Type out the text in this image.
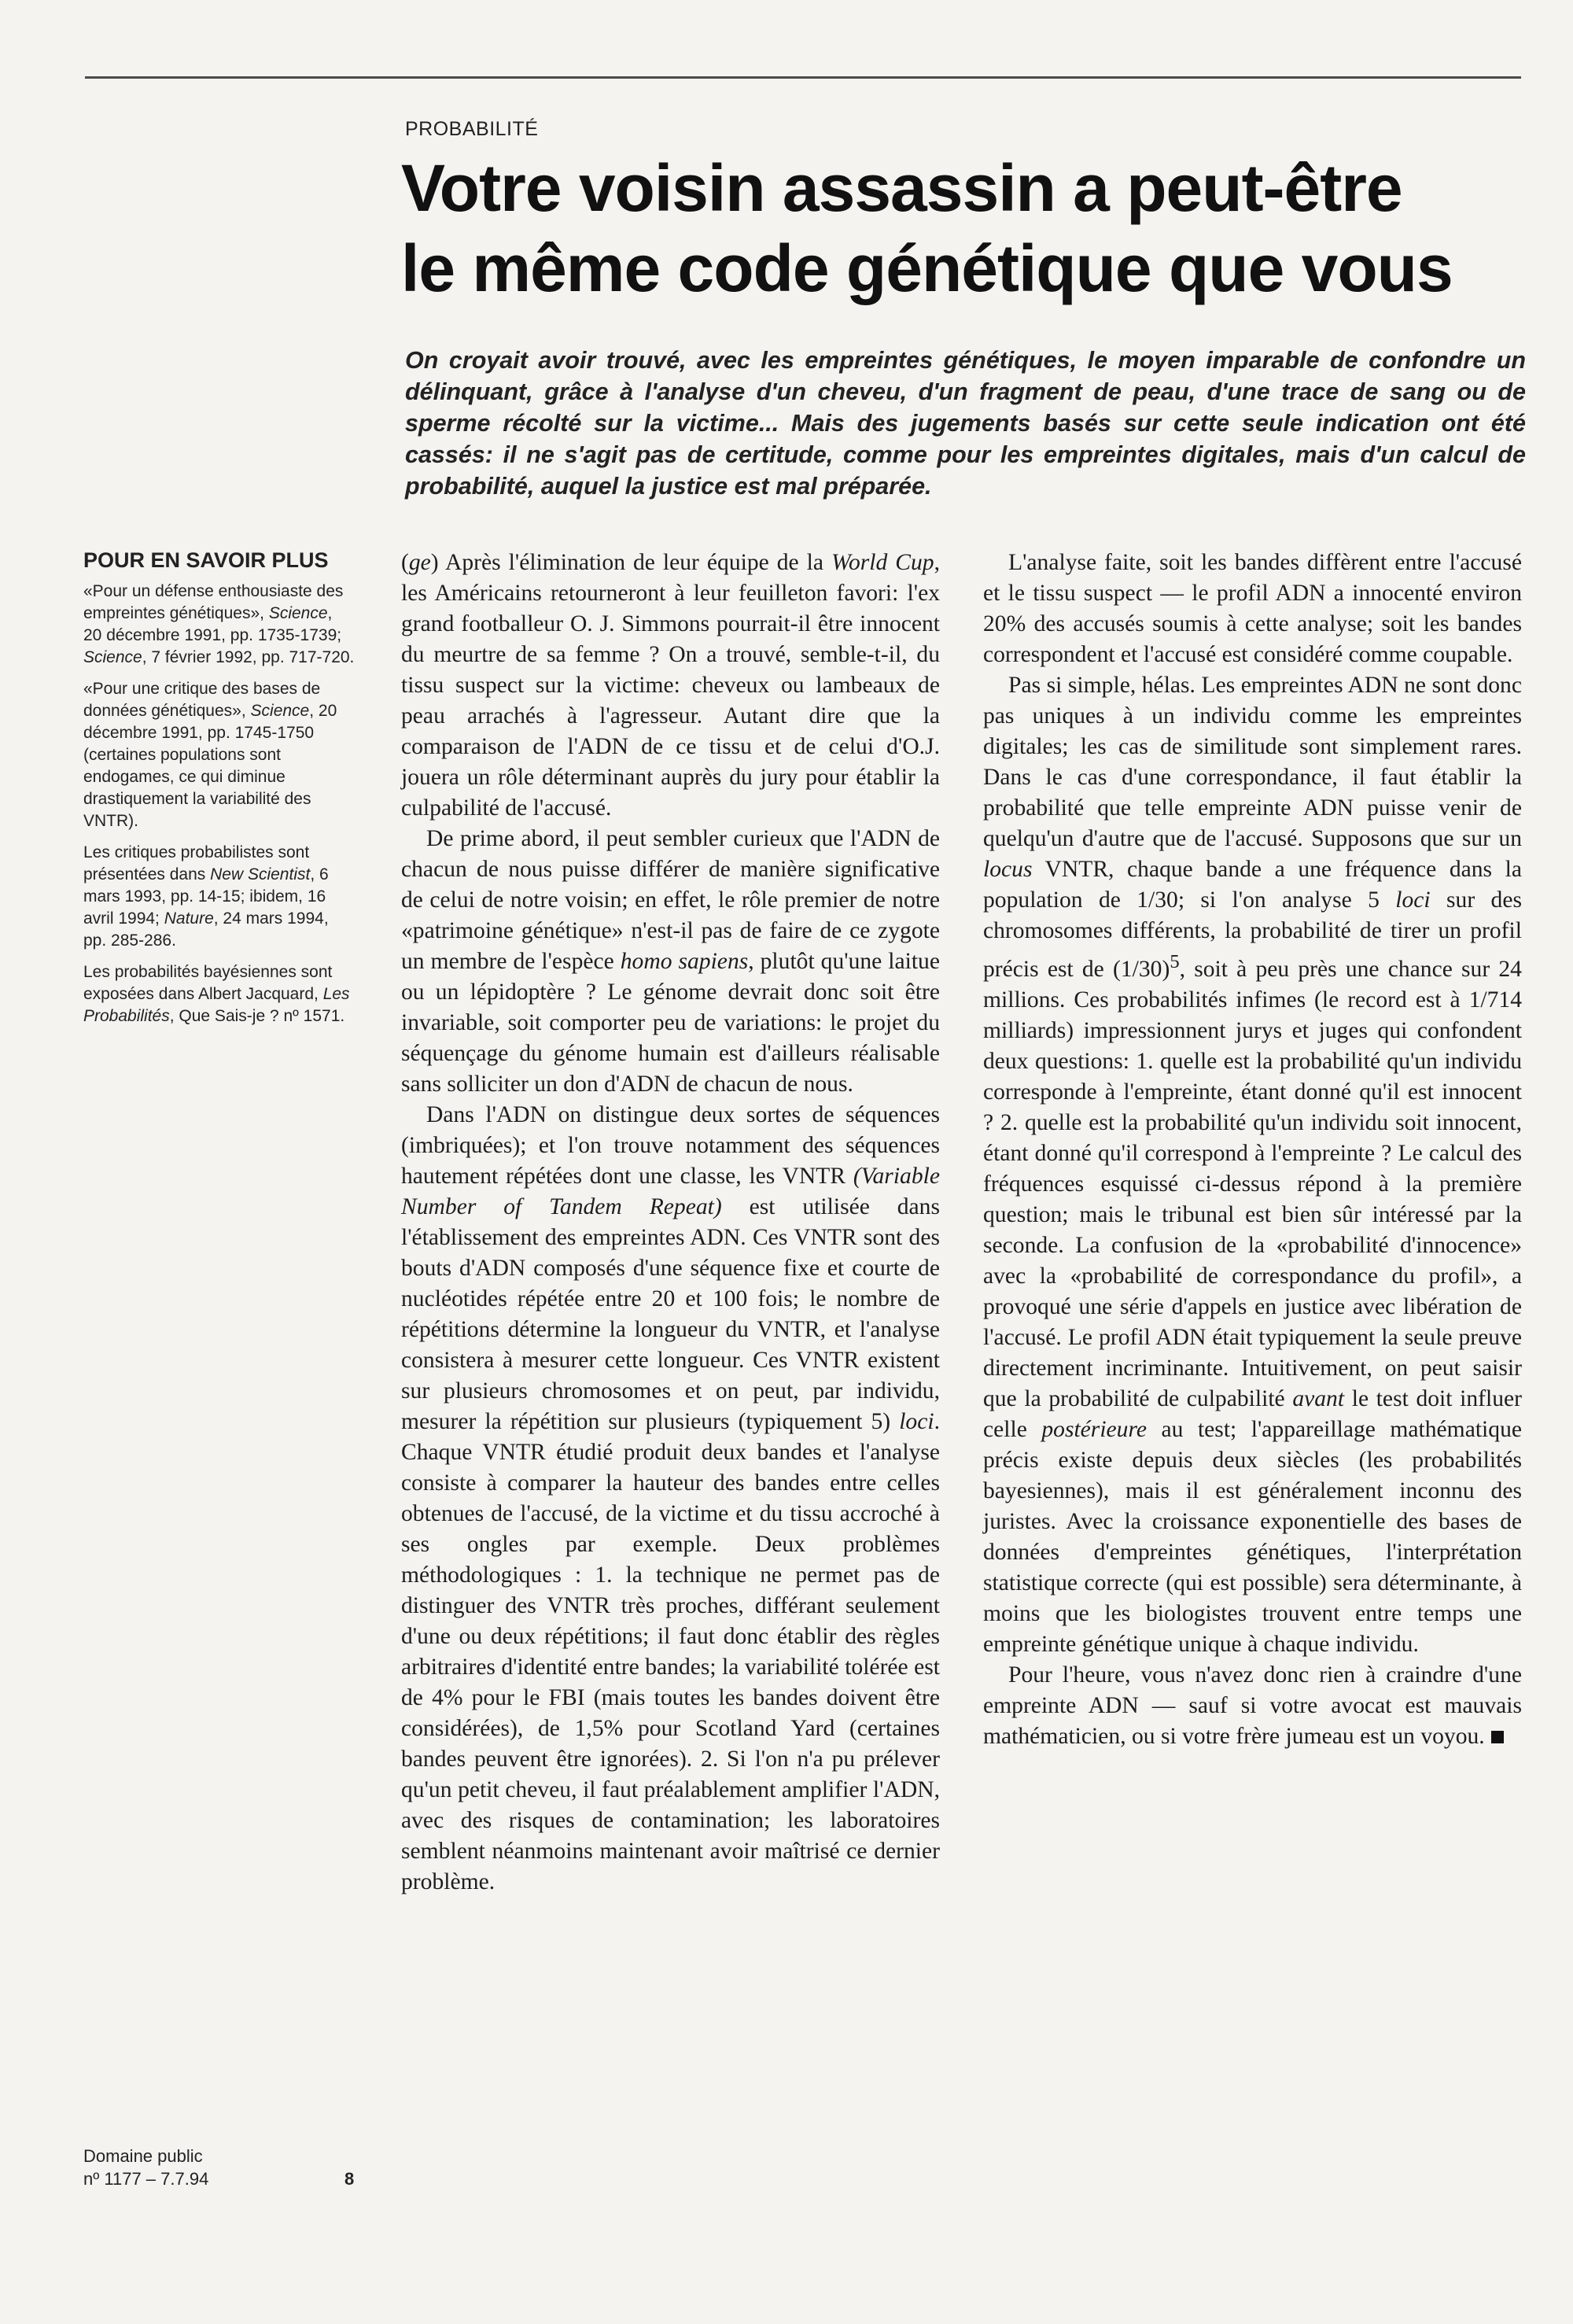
PROBABILITÉ
Votre voisin assassin a peut-être
le même code génétique que vous
On croyait avoir trouvé, avec les empreintes génétiques, le moyen imparable de confondre un délinquant, grâce à l'analyse d'un cheveu, d'un fragment de peau, d'une trace de sang ou de sperme récolté sur la victime... Mais des jugements basés sur cette seule indication ont été cassés: il ne s'agit pas de certitude, comme pour les empreintes digitales, mais d'un calcul de probabilité, auquel la justice est mal préparée.
POUR EN SAVOIR PLUS

«Pour un défense enthousiaste des empreintes génétiques», Science, 20 décembre 1991, pp. 1735-1739; Science, 7 février 1992, pp. 717-720.

«Pour une critique des bases de données génétiques», Science, 20 décembre 1991, pp. 1745-1750 (certaines populations sont endogames, ce qui diminue drastiquement la variabilité des VNTR).

Les critiques probabilistes sont présentées dans New Scientist, 6 mars 1993, pp. 14-15; ibidem, 16 avril 1994; Nature, 24 mars 1994, pp. 285-286.

Les probabilités bayésiennes sont exposées dans Albert Jacquard, Les Probabilités, Que Sais-je ? nº 1571.

Domaine public
nº 1177 – 7.7.94	8

(ge) Après l'élimination de leur équipe de la World Cup, les Américains retourneront à leur feuilleton favori: l'ex grand footballeur O. J. Simmons pourrait-il être innocent du meurtre de sa femme ? On a trouvé, semble-t-il, du tissu suspect sur la victime: cheveux ou lambeaux de peau arrachés à l'agresseur. Autant dire que la comparaison de l'ADN de ce tissu et de celui d'O.J. jouera un rôle déterminant auprès du jury pour établir la culpabilité de l'accusé.

De prime abord, il peut sembler curieux que l'ADN de chacun de nous puisse différer de manière significative de celui de notre voisin; en effet, le rôle premier de notre «patrimoine génétique» n'est-il pas de faire de ce zygote un membre de l'espèce homo sapiens, plutôt qu'une laitue ou un lépidoptère ? Le génome devrait donc soit être invariable, soit comporter peu de variations: le projet du séquençage du génome humain est d'ailleurs réalisable sans solliciter un don d'ADN de chacun de nous.

Dans l'ADN on distingue deux sortes de séquences (imbriquées); et l'on trouve notamment des séquences hautement répétées dont une classe, les VNTR (Variable Number of Tandem Repeat) est utilisée dans l'établissement des empreintes ADN. Ces VNTR sont des bouts d'ADN composés d'une séquence fixe et courte de nucléotides répétée entre 20 et 100 fois; le nombre de répétitions détermine la longueur du VNTR, et l'analyse consistera à mesurer cette longueur. Ces VNTR existent sur plusieurs chromosomes et on peut, par individu, mesurer la répétition sur plusieurs (typiquement 5) loci. Chaque VNTR étudié produit deux bandes et l'analyse consiste à comparer la hauteur des bandes entre celles obtenues de l'accusé, de la victime et du tissu accroché à ses ongles par exemple. Deux problèmes méthodologiques : 1. la technique ne permet pas de distinguer des VNTR très proches, différant seulement d'une ou deux répétitions; il faut donc établir des règles arbitraires d'identité entre bandes; la variabilité tolérée est de 4% pour le FBI (mais toutes les bandes doivent être considérées), de 1,5% pour Scotland Yard (certaines bandes peuvent être ignorées). 2. Si l'on n'a pu prélever qu'un petit cheveu, il faut préalablement amplifier l'ADN, avec des risques de contamination; les laboratoires semblent néanmoins maintenant avoir maîtrisé ce dernier problème.

L'analyse faite, soit les bandes diffèrent entre l'accusé et le tissu suspect — le profil ADN a innocenté environ 20% des accusés soumis à cette analyse; soit les bandes correspondent et l'accusé est considéré comme coupable.

Pas si simple, hélas. Les empreintes ADN ne sont donc pas uniques à un individu comme les empreintes digitales; les cas de similitude sont simplement rares. Dans le cas d'une correspondance, il faut établir la probabilité que telle empreinte ADN puisse venir de quelqu'un d'autre que de l'accusé. Supposons que sur un locus VNTR, chaque bande a une fréquence dans la population de 1/30; si l'on analyse 5 loci sur des chromosomes différents, la probabilité de tirer un profil précis est de $(1/30)^5$, soit à peu près une chance sur 24 millions. Ces probabilités infimes (le record est à 1/714 milliards) impressionnent jurys et juges qui confondent deux questions: 1. quelle est la probabilité qu'un individu corresponde à l'empreinte, étant donné qu'il est innocent ? 2. quelle est la probabilité qu'un individu soit innocent, étant donné qu'il correspond à l'empreinte ? Le calcul des fréquences esquissé ci-dessus répond à la première question; mais le tribunal est bien sûr intéressé par la seconde. La confusion de la «probabilité d'innocence» avec la «probabilité de correspondance du profil», a provoqué une série d'appels en justice avec libération de l'accusé. Le profil ADN était typiquement la seule preuve directement incriminante. Intuitivement, on peut saisir que la probabilité de culpabilité avant le test doit influer celle postérieure au test; l'appareillage mathématique précis existe depuis deux siècles (les probabilités bayesiennes), mais il est généralement inconnu des juristes. Avec la croissance exponentielle des bases de données d'empreintes génétiques, l'interprétation statistique correcte (qui est possible) sera déterminante, à moins que les biologistes trouvent entre temps une empreinte génétique unique à chaque individu.

Pour l'heure, vous n'avez donc rien à craindre d'une empreinte ADN — sauf si votre avocat est mauvais mathématicien, ou si votre frère jumeau est un voyou.
